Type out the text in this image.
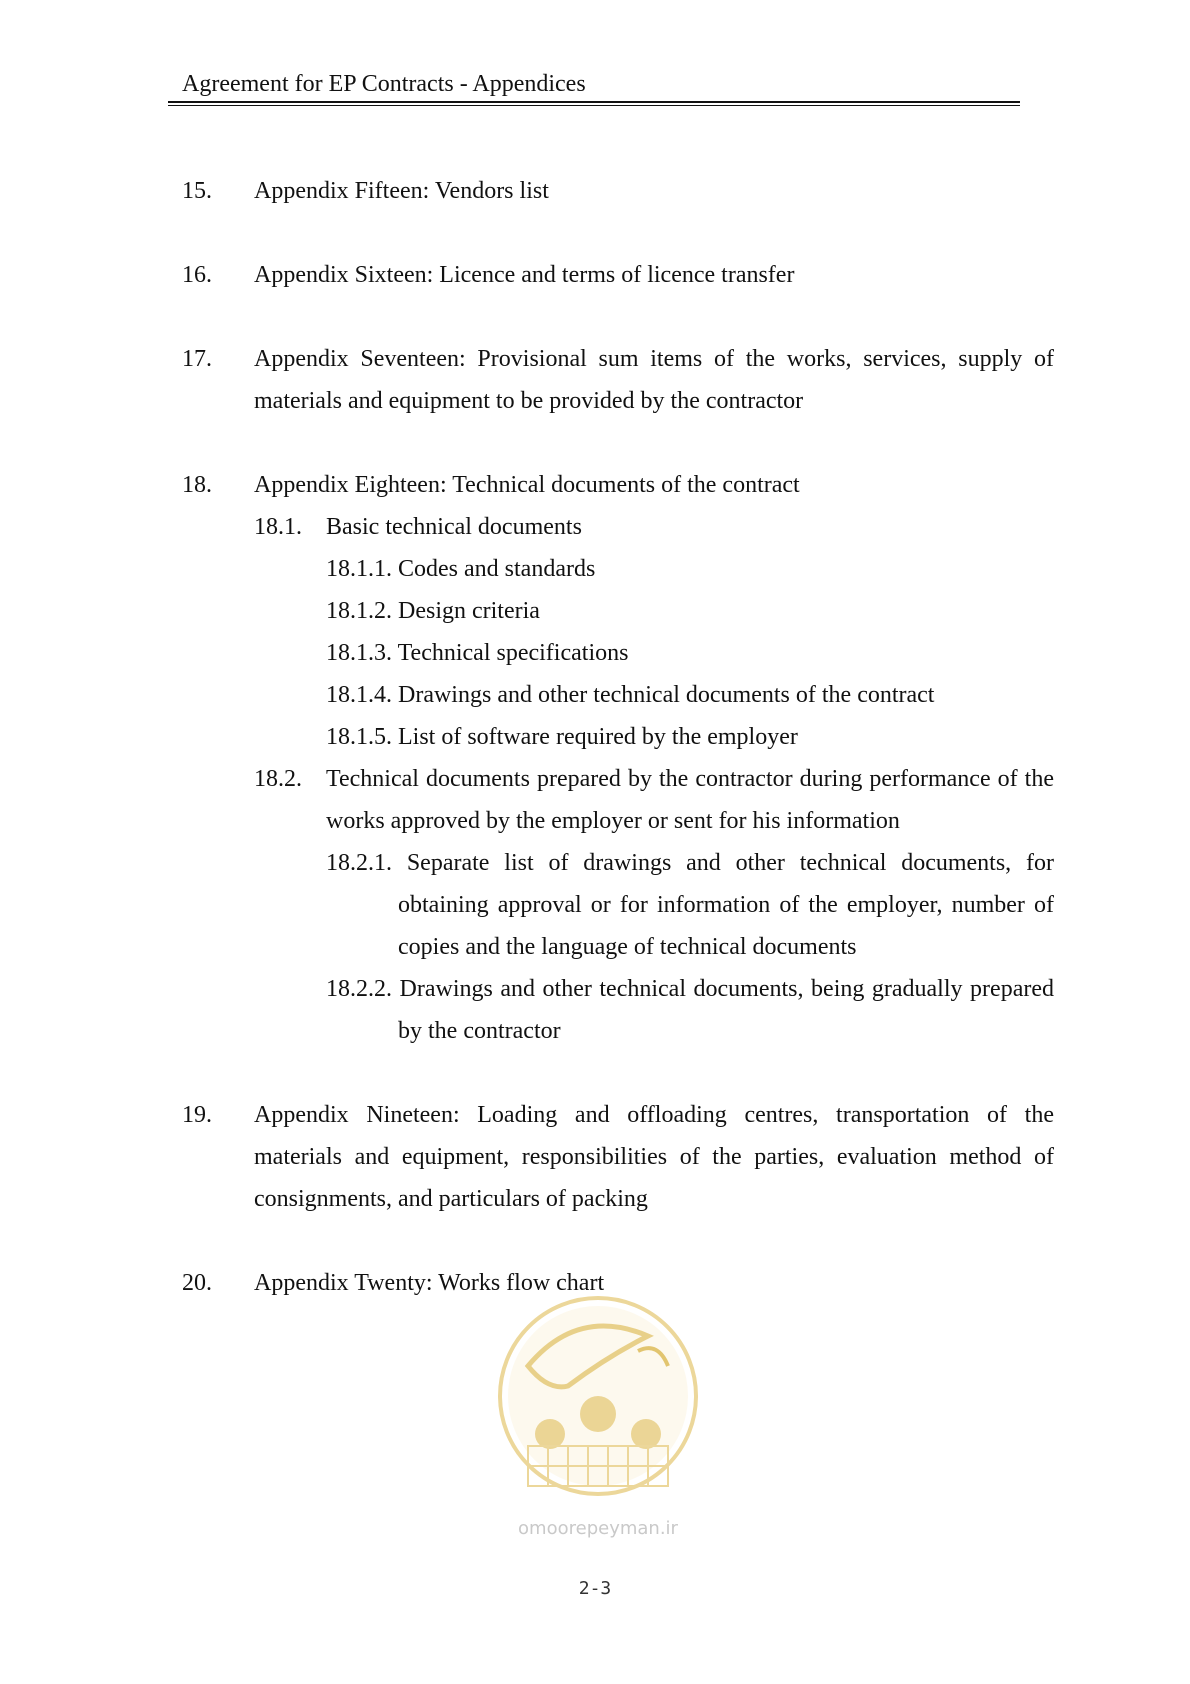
Agreement for EP Contracts - Appendices
15. Appendix Fifteen: Vendors list
16. Appendix Sixteen: Licence and terms of licence transfer
17. Appendix Seventeen: Provisional sum items of the works, services, supply of materials and equipment to be provided by the contractor
18. Appendix Eighteen: Technical documents of the contract
18.1. Basic technical documents
18.1.1. Codes and standards
18.1.2. Design criteria
18.1.3. Technical specifications
18.1.4. Drawings and other technical documents of the contract
18.1.5. List of software required by the employer
18.2. Technical documents prepared by the contractor during performance of the works approved by the employer or sent for his information
18.2.1. Separate list of drawings and other technical documents, for obtaining approval or for information of the employer, number of copies and the language of technical documents
18.2.2. Drawings and other technical documents, being gradually prepared by the contractor
19. Appendix Nineteen: Loading and offloading centres, transportation of the materials and equipment, responsibilities of the parties, evaluation method of consignments, and particulars of packing
20. Appendix Twenty: Works flow chart
omoorepeyman.ir
2-3
